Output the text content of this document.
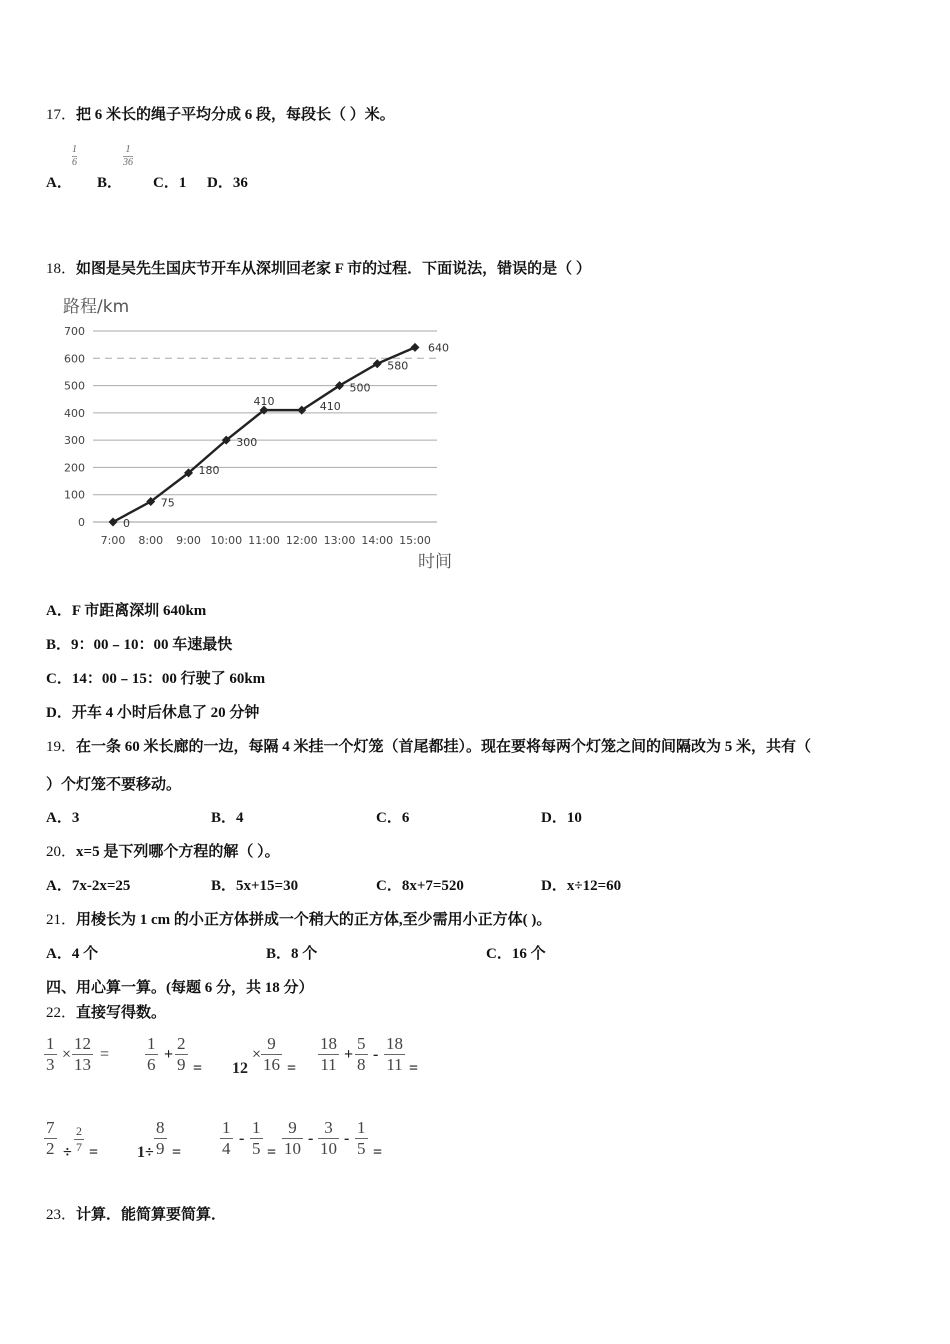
17．把 6 米长的绳子平均分成 6 段，每段长（ ）米。
A．
1
6
B．
1
36
C．1 D．36
18．如图是吴先生国庆节开车从深圳回老家 F 市的过程．下面说法，错误的是（ ）
路程/km
时间
0
100
200
300
400
500
600
700
7:00 8:00 9:00 10:00 11:00 12:00 13:00 14:00 15:00
0
75
180
300
410	410
500
580
640
A．F 市距离深圳 640km
B．9：00﹣10：00 车速最快
C．14：00﹣15：00 行驶了 60km
D．开车 4 小时后休息了 20 分钟
19．在一条 60 米长廊的一边，每隔 4 米挂一个灯笼（首尾都挂）。现在要将每两个灯笼之间的间隔改为 5 米，共有（
）个灯笼不要移动。
A．3	B．4	C．6	D．10
20．x=5 是下列哪个方程的解（ ）。
A．7x-2x=25	B．5x+15=30	C．8x+7=520	D．x÷12=60
21．用棱长为 1 cm 的小正方体拼成一个稍大的正方体,至少需用小正方体( )。
A．4 个	B．8 个	C．16 个
四、用心算一算。(每题 6 分，共 18 分）
22．直接写得数。
$\frac{1}{3} \times \frac{12}{13} = \frac{1}{6} + \frac{2}{9} = 12$
× $\frac{9}{16} = \frac{18}{11} + \frac{5}{8} - \frac{18}{11}$ =
$\frac{7}{2} \div \frac{2}{7} = 1\div \frac{8}{9} = \frac{1}{4} - \frac{1}{5} = \frac{9}{10} - \frac{3}{10} - \frac{1}{5}$ =
23．计算．能简算要简算．
